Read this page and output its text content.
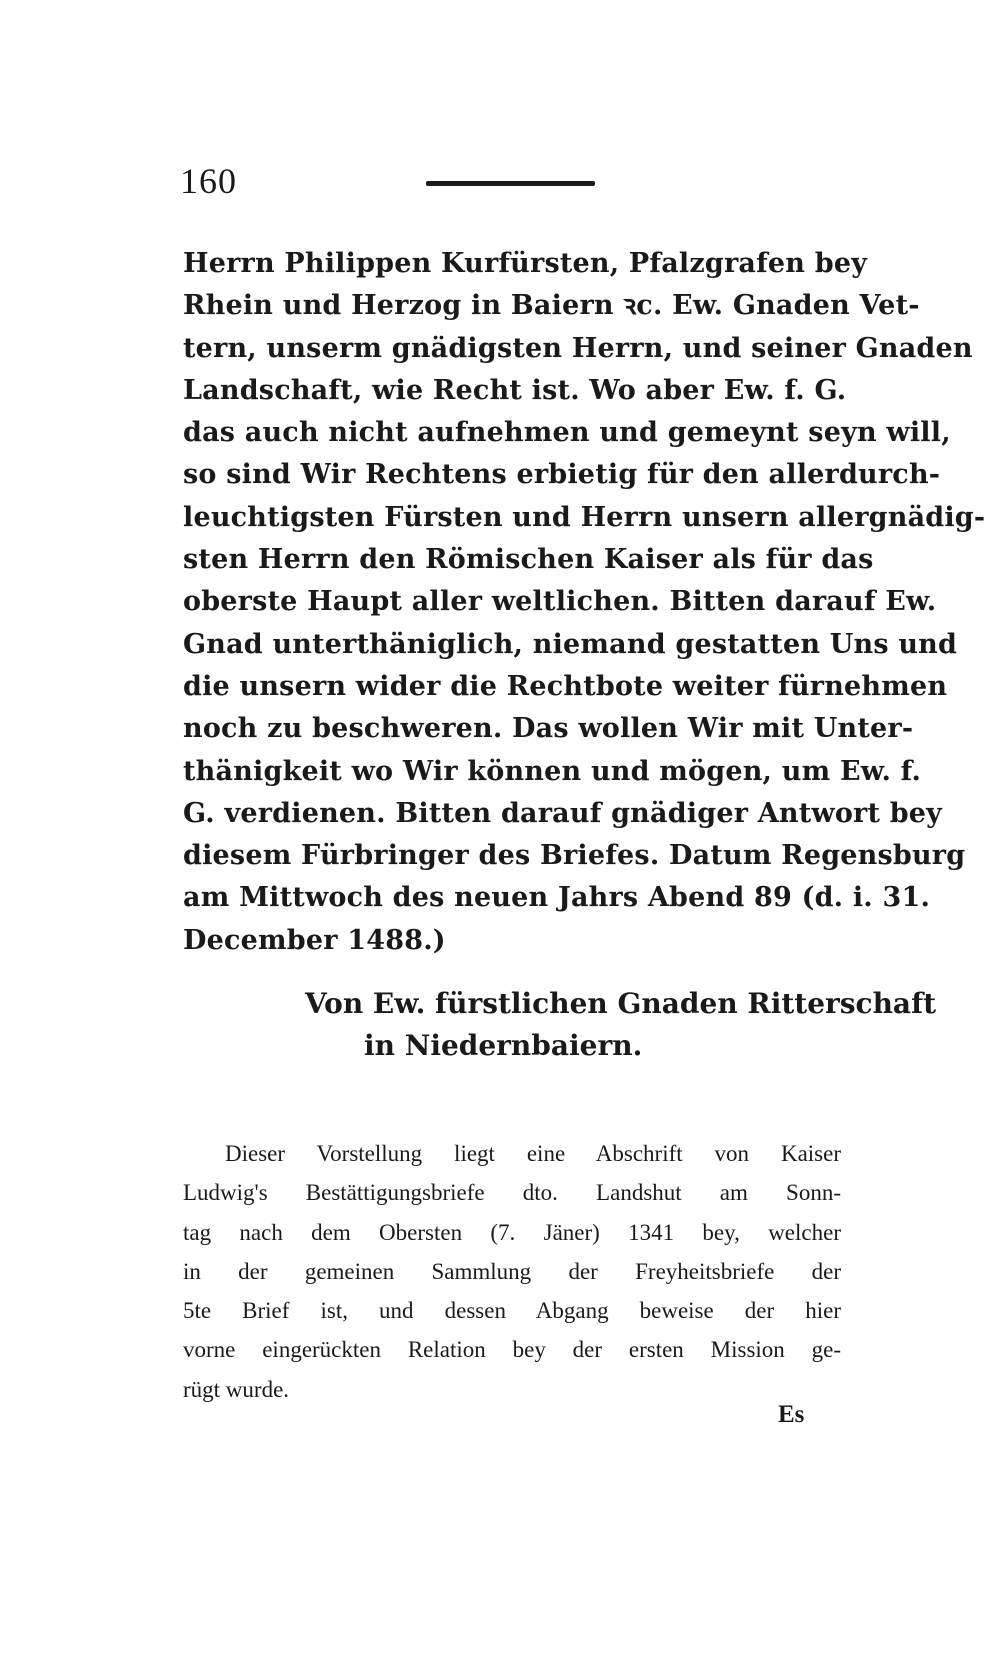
160
Herrn Philippen Kurfürsten, Pfalzgrafen bey
Rhein und Herzog in Baiern ꝛc. Ew. Gnaden Vet-
tern, unserm gnädigsten Herrn, und seiner Gnaden
Landschaft, wie Recht ist. Wo aber Ew. f. G.
das auch nicht aufnehmen und gemeynt seyn will,
so sind Wir Rechtens erbietig für den allerdurch-
leuchtigsten Fürsten und Herrn unsern allergnädig-
sten Herrn den Römischen Kaiser als für das
oberste Haupt aller weltlichen. Bitten darauf Ew.
Gnad unterthäniglich, niemand gestatten Uns und
die unsern wider die Rechtbote weiter fürnehmen
noch zu beschweren. Das wollen Wir mit Unter-
thänigkeit wo Wir können und mögen, um Ew. f.
G. verdienen. Bitten darauf gnädiger Antwort bey
diesem Fürbringer des Briefes. Datum Regensburg
am Mittwoch des neuen Jahrs Abend 89 (d. i. 31.
December 1488.)
Von Ew. fürstlichen Gnaden Ritterschaft
in Niedernbaiern.
Dieser Vorstellung liegt eine Abschrift von Kaiser
Ludwig's Bestättigungsbriefe dto. Landshut am Sonn-
tag nach dem Obersten (7. Jäner) 1341 bey, welcher
in der gemeinen Sammlung der Freyheitsbriefe der
5te Brief ist, und dessen Abgang beweise der hier
vorne eingerückten Relation bey der ersten Mission ge-
rügt wurde.
Es
